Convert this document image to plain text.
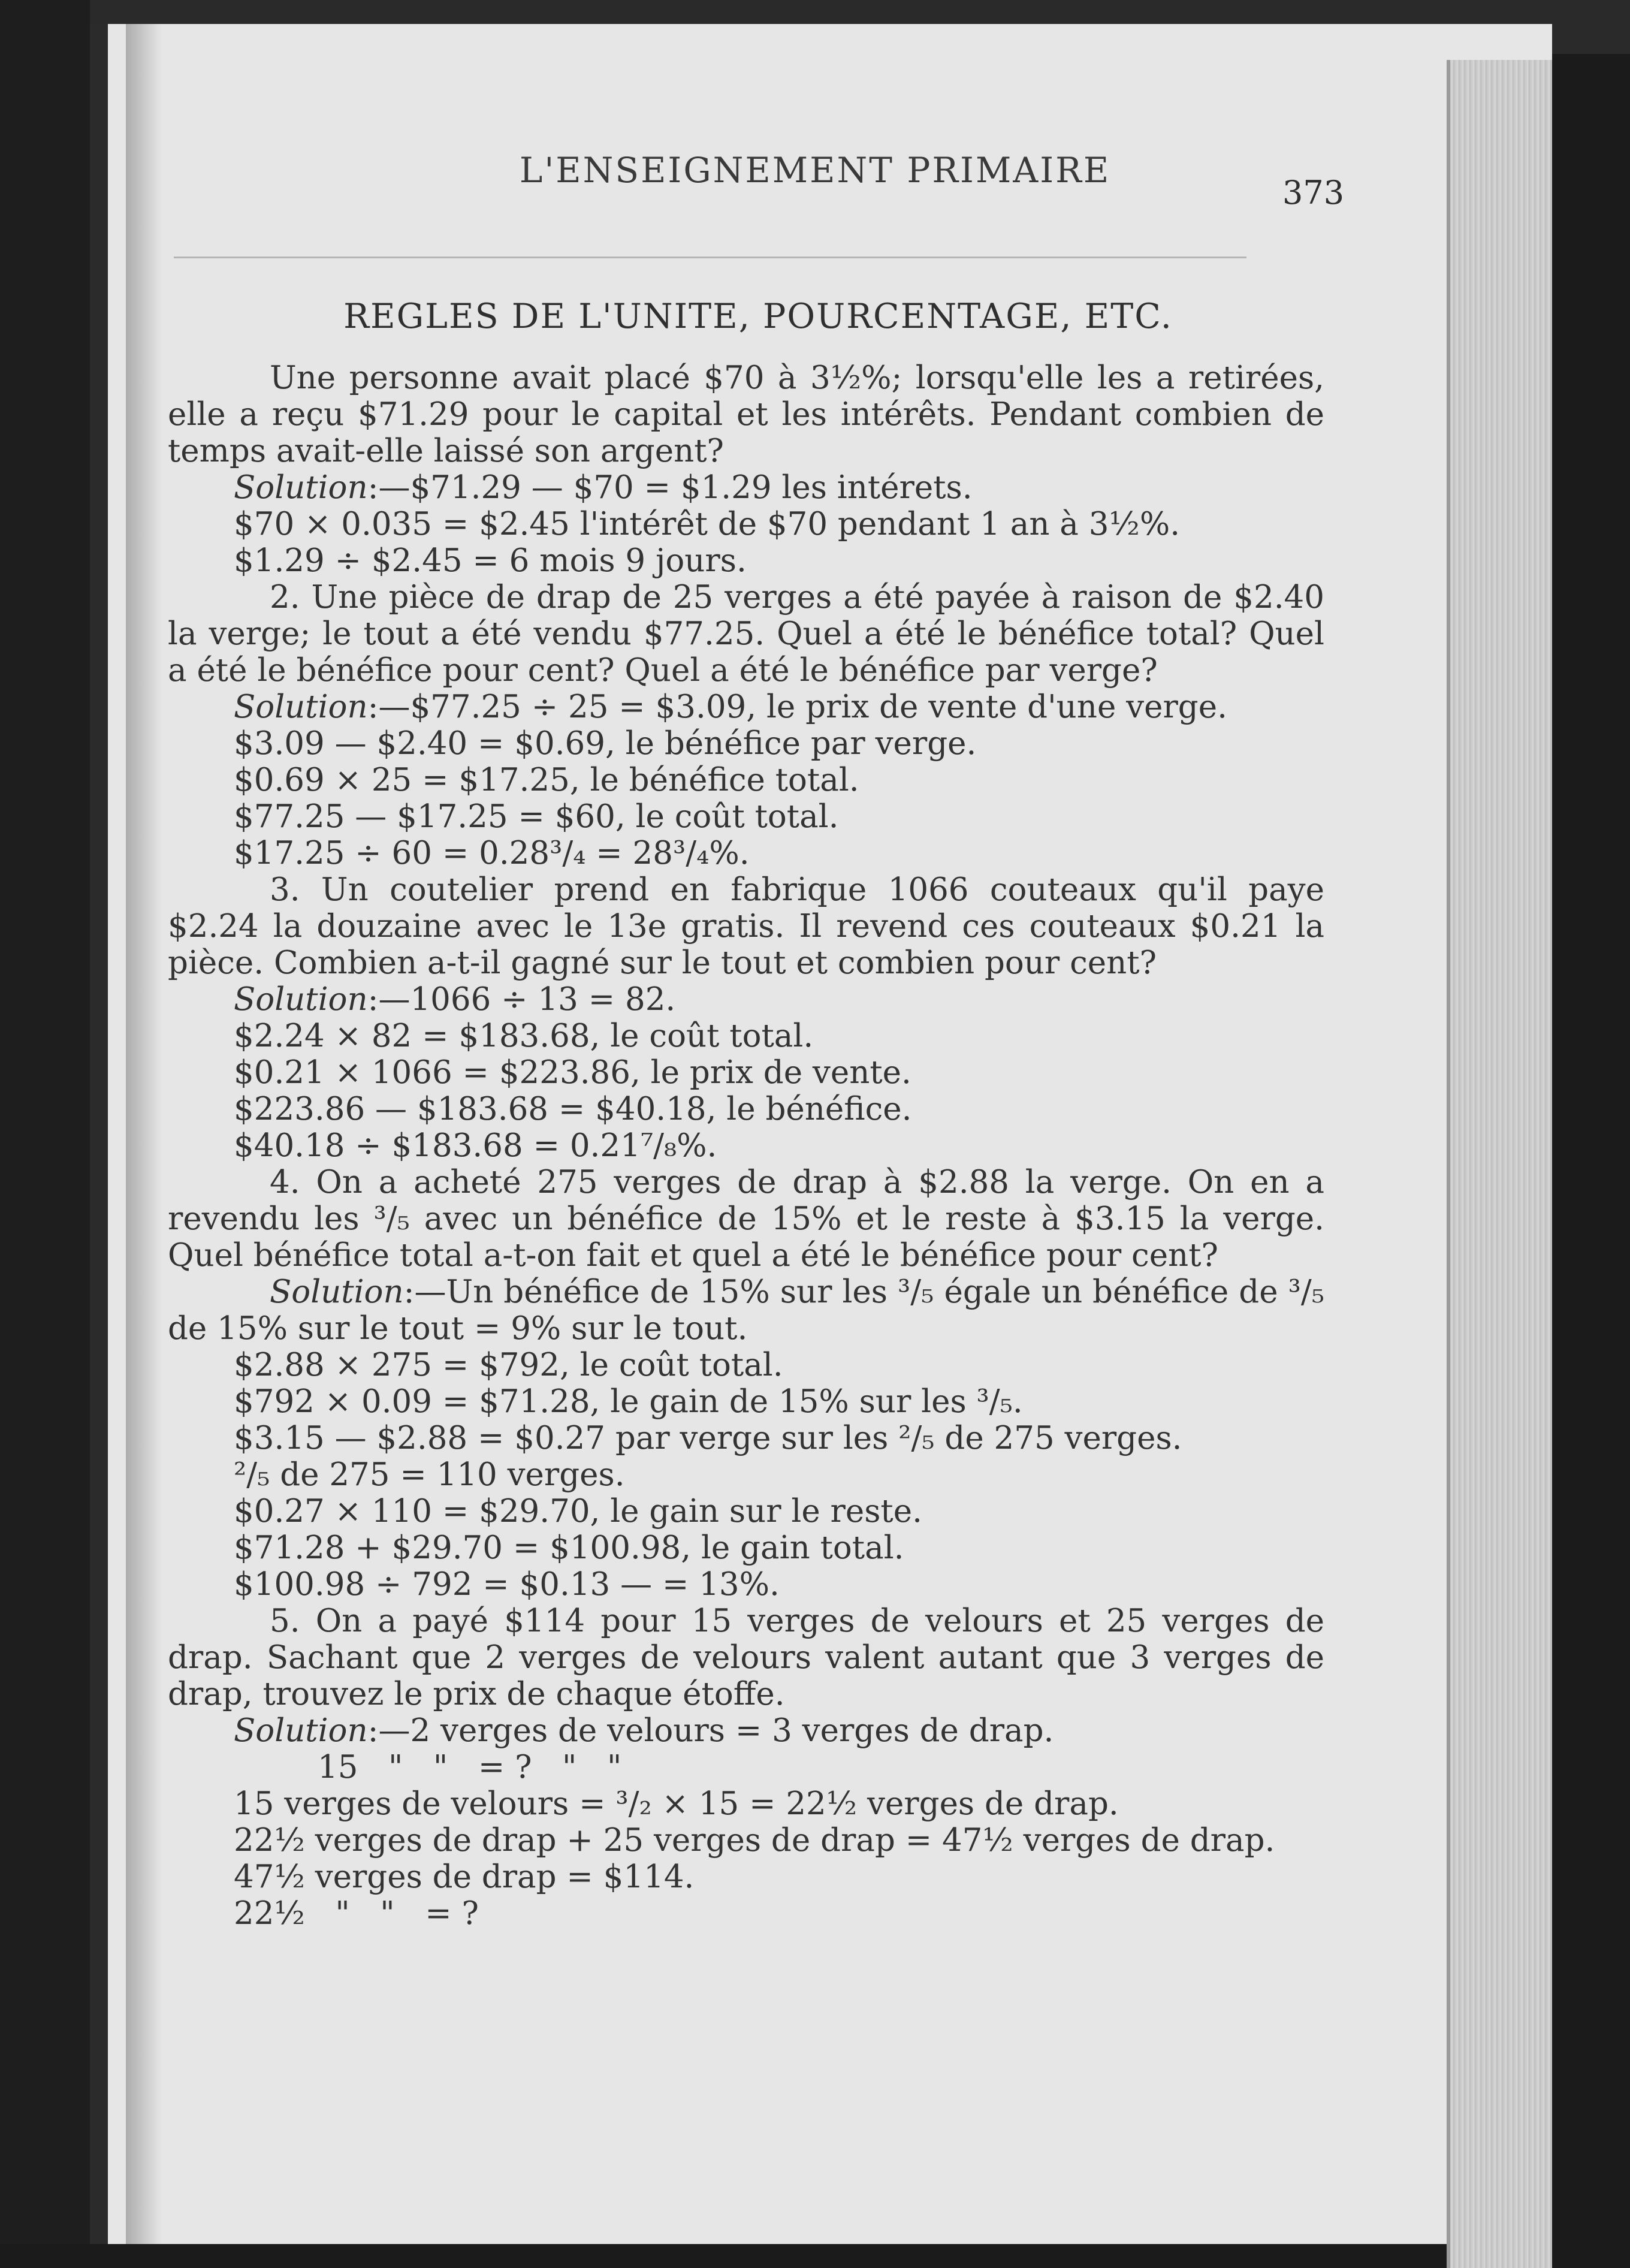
L'ENSEIGNEMENT PRIMAIRE
373
REGLES DE L'UNITE, POURCENTAGE, ETC.

Une personne avait placé $70 à 3½%; lorsqu'elle les a retirées, elle a reçu $71.29 pour le capital et les intérêts. Pendant combien de temps avait-elle laissé son argent?

Solution:—$71.29 — $70 = $1.29 les intérets.

$70 × 0.035 = $2.45 l'intérêt de $70 pendant 1 an à 3½%.

$1.29 ÷ $2.45 = 6 mois 9 jours.

2. Une pièce de drap de 25 verges a été payée à raison de $2.40 la verge; le tout a été vendu $77.25. Quel a été le bénéfice total? Quel a été le bénéfice pour cent? Quel a été le bénéfice par verge?

Solution:—$77.25 ÷ 25 = $3.09, le prix de vente d'une verge.

$3.09 — $2.40 = $0.69, le bénéfice par verge.

$0.69 × 25 = $17.25, le bénéfice total.

$77.25 — $17.25 = $60, le coût total.

$17.25 ÷ 60 = 0.28³/₄ = 28³/₄%.

3. Un coutelier prend en fabrique 1066 couteaux qu'il paye $2.24 la douzaine avec le 13e gratis. Il revend ces couteaux $0.21 la pièce. Combien a-t-il gagné sur le tout et combien pour cent?

Solution:—1066 ÷ 13 = 82.

$2.24 × 82 = $183.68, le coût total.

$0.21 × 1066 = $223.86, le prix de vente.

$223.86 — $183.68 = $40.18, le bénéfice.

$40.18 ÷ $183.68 = 0.21⁷/₈%.

4. On a acheté 275 verges de drap à $2.88 la verge. On en a revendu les ³/₅ avec un bénéfice de 15% et le reste à $3.15 la verge. Quel bénéfice total a-t-on fait et quel a été le bénéfice pour cent?

Solution:—Un bénéfice de 15% sur les ³/₅ égale un bénéfice de ³/₅ de 15% sur le tout = 9% sur le tout.

$2.88 × 275 = $792, le coût total.

$792 × 0.09 = $71.28, le gain de 15% sur les ³/₅.

$3.15 — $2.88 = $0.27 par verge sur les ²/₅ de 275 verges.

²/₅ de 275 = 110 verges.

$0.27 × 110 = $29.70, le gain sur le reste.

$71.28 + $29.70 = $100.98, le gain total.

$100.98 ÷ 792 = $0.13 — = 13%.

5. On a payé $114 pour 15 verges de velours et 25 verges de drap. Sachant que 2 verges de velours valent autant que 3 verges de drap, trouvez le prix de chaque étoffe.

Solution:—2 verges de velours = 3 verges de drap.

15   "   "   = ?   "   "

15 verges de velours = ³/₂ × 15 = 22½ verges de drap.

22½ verges de drap + 25 verges de drap = 47½ verges de drap.

47½ verges de drap = $114.

22½   "   "   = ?
